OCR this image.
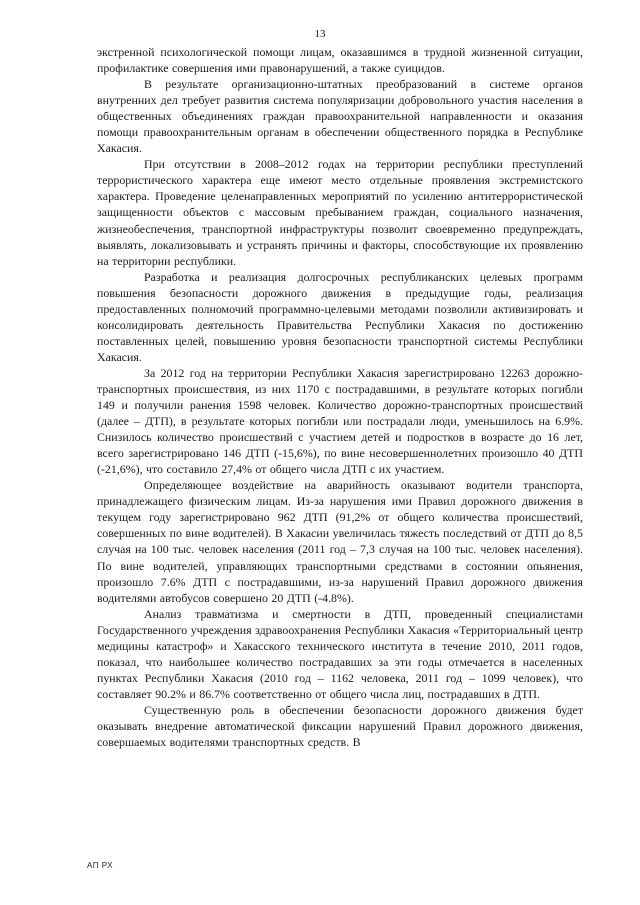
13

экстренной психологической помощи лицам, оказавшимся в трудной жизненной ситуации, профилактике совершения ими правонарушений, а также суицидов.

В результате организационно-штатных преобразований в системе органов внутренних дел требует развития система популяризации добровольного участия населения в общественных объединениях граждан правоохранительной направленности и оказания помощи правоохранительным органам в обеспечении общественного порядка в Республике Хакасия.

При отсутствии в 2008–2012 годах на территории республики преступлений террористического характера еще имеют место отдельные проявления экстремистского характера. Проведение целенаправленных мероприятий по усилению антитеррористической защищенности объектов с массовым пребыванием граждан, социального назначения, жизнеобеспечения, транспортной инфраструктуры позволит своевременно предупреждать, выявлять, локализовывать и устранять причины и факторы, способствующие их проявлению на территории республики.

Разработка и реализация долгосрочных республиканских целевых программ повышения безопасности дорожного движения в предыдущие годы, реализация предоставленных полномочий программно-целевыми методами позволили активизировать и консолидировать деятельность Правительства Республики Хакасия по достижению поставленных целей, повышению уровня безопасности транспортной системы Республики Хакасия.

За 2012 год на территории Республики Хакасия зарегистрировано 12263 дорожно-транспортных происшествия, из них 1170 с пострадавшими, в результате которых погибли 149 и получили ранения 1598 человек. Количество дорожно-транспортных происшествий (далее – ДТП), в результате которых погибли или пострадали люди, уменьшилось на 6.9%. Снизилось количество происшествий с участием детей и подростков в возрасте до 16 лет, всего зарегистрировано 146 ДТП (-15,6%), по вине несовершеннолетних произошло 40 ДТП (-21,6%), что составило 27,4% от общего числа ДТП с их участием.

Определяющее воздействие на аварийность оказывают водители транспорта, принадлежащего физическим лицам. Из-за нарушения ими Правил дорожного движения в текущем году зарегистрировано 962 ДТП (91,2% от общего количества происшествий, совершенных по вине водителей). В Хакасии увеличилась тяжесть последствий от ДТП до 8,5 случая на 100 тыс. человек населения (2011 год – 7,3 случая на 100 тыс. человек населения). По вине водителей, управляющих транспортными средствами в состоянии опьянения, произошло 7.6% ДТП с пострадавшими, из-за нарушений Правил дорожного движения водителями автобусов совершено 20 ДТП (-4.8%).

Анализ травматизма и смертности в ДТП, проведенный специалистами Государственного учреждения здравоохранения Республики Хакасия «Территориальный центр медицины катастроф» и Хакасского технического института в течение 2010, 2011 годов, показал, что наибольшее количество пострадавших за эти годы отмечается в населенных пунктах Республики Хакасия (2010 год – 1162 человека, 2011 год – 1099 человек), что составляет 90.2% и 86.7% соответственно от общего числа лиц, пострадавших в ДТП.

Существенную роль в обеспечении безопасности дорожного движения будет оказывать внедрение автоматической фиксации нарушений Правил дорожного движения, совершаемых водителями транспортных средств. В

АП РХ
